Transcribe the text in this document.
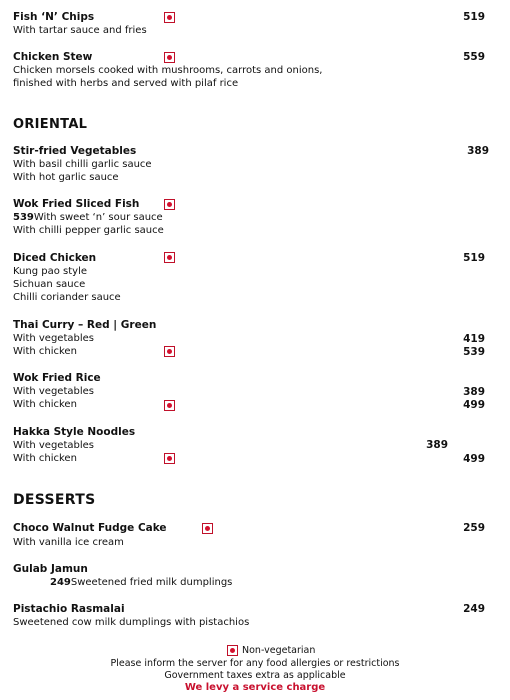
Fish ‘N’ Chips	519
With tartar sauce and fries
Chicken Stew	559
Chicken morsels cooked with mushrooms, carrots and onions,
finished with herbs and served with pilaf rice
ORIENTAL
Stir-fried Vegetables	389
With basil chilli garlic sauce
With hot garlic sauce
Wok Fried Sliced Fish
539With sweet ‘n’ sour sauce
With chilli pepper garlic sauce
Diced Chicken	519
Kung pao style
Sichuan sauce
Chilli coriander sauce
Thai Curry – Red | Green
With vegetables	419
With chicken	539
Wok Fried Rice
With vegetables	389
With chicken	499
Hakka Style Noodles
With vegetables	389
With chicken	499
DESSERTS
Choco Walnut Fudge Cake	259
With vanilla ice cream
Gulab Jamun
249Sweetened fried milk dumplings
Pistachio Rasmalai	249
Sweetened cow milk dumplings with pistachios
Non-vegetarian
Please inform the server for any food allergies or restrictions
Government taxes extra as applicable
We levy a service charge
